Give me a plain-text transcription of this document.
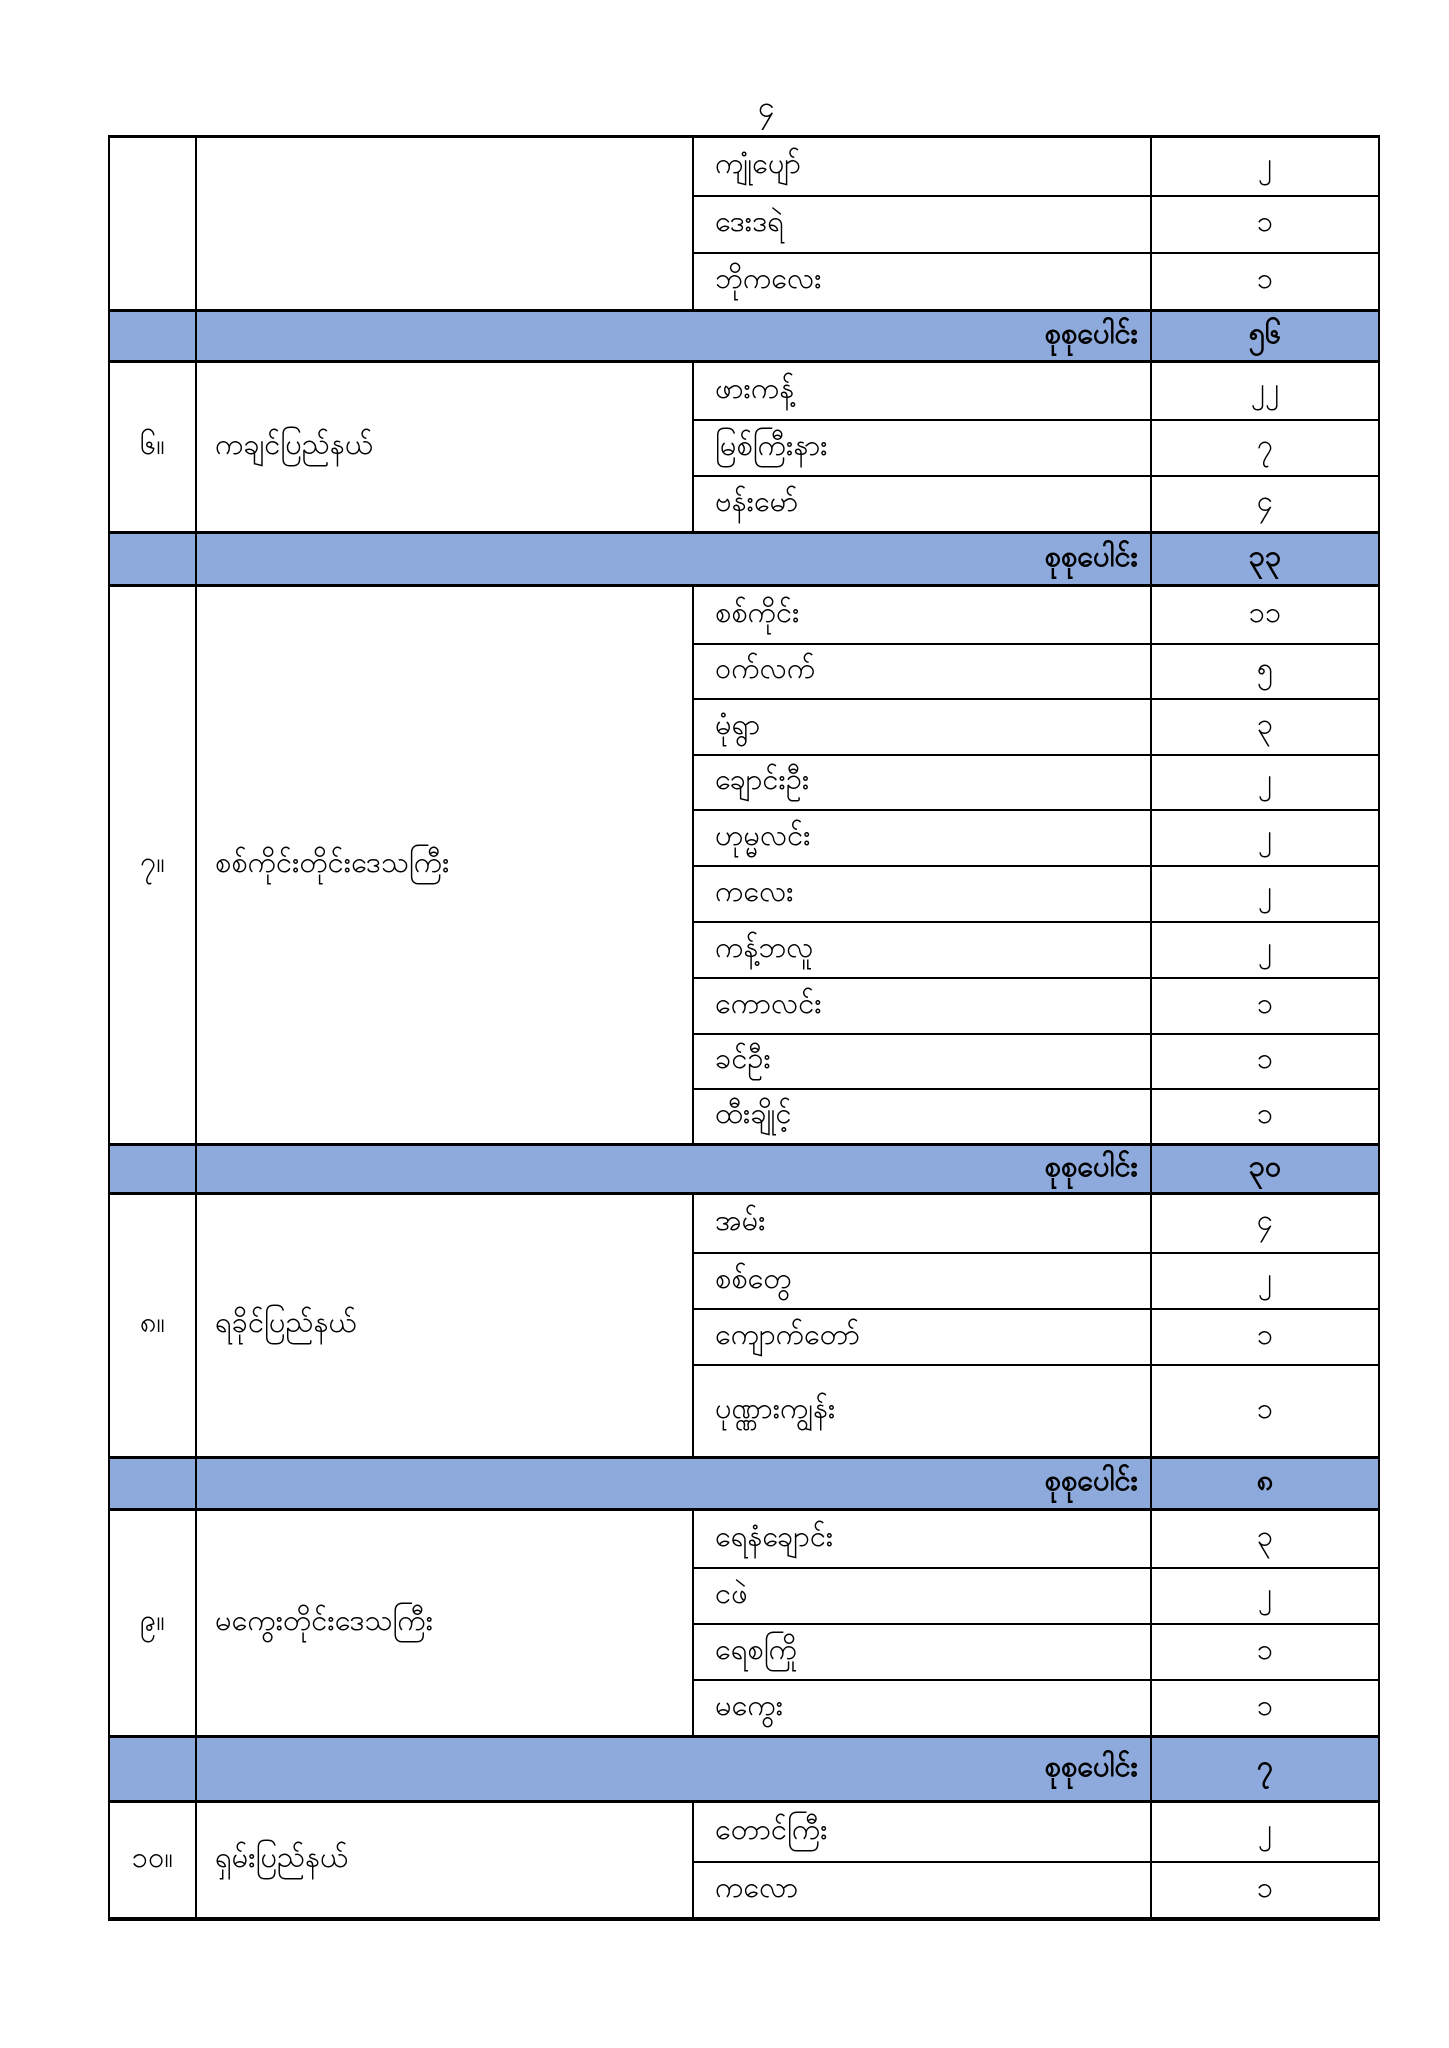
၄
ကျုံပျော်	၂
ဒေးဒရဲ	၁
ဘိုကလေး	၁
စုစုပေါင်း	၅၆
၆။	ကချင်ပြည်နယ်
ဖားကန့်	၂၂
မြစ်ကြီးနား	၇
ဗန်းမော်	၄
စုစုပေါင်း	၃၃
၇။	စစ်ကိုင်းတိုင်းဒေသကြီး
စစ်ကိုင်း	၁၁
ဝက်လက်	၅
မုံရွာ	၃
ချောင်းဦး	၂
ဟုမ္မလင်း	၂
ကလေး	၂
ကန့်ဘလူ	၂
ကောလင်း	၁
ခင်ဦး	၁
ထီးချိုင့်	၁
စုစုပေါင်း	၃၀
၈။	ရခိုင်ပြည်နယ်
အမ်း	၄
စစ်တွေ	၂
ကျောက်တော်	၁
ပုဏ္ဏားကျွန်း	၁
စုစုပေါင်း	၈
၉။	မကွေးတိုင်းဒေသကြီး
ရေနံချောင်း	၃
ငဖဲ	၂
ရေစကြို	၁
မကွေး	၁
စုစုပေါင်း	၇
၁၀။	ရှမ်းပြည်နယ်
တောင်ကြီး	၂
ကလော	၁
